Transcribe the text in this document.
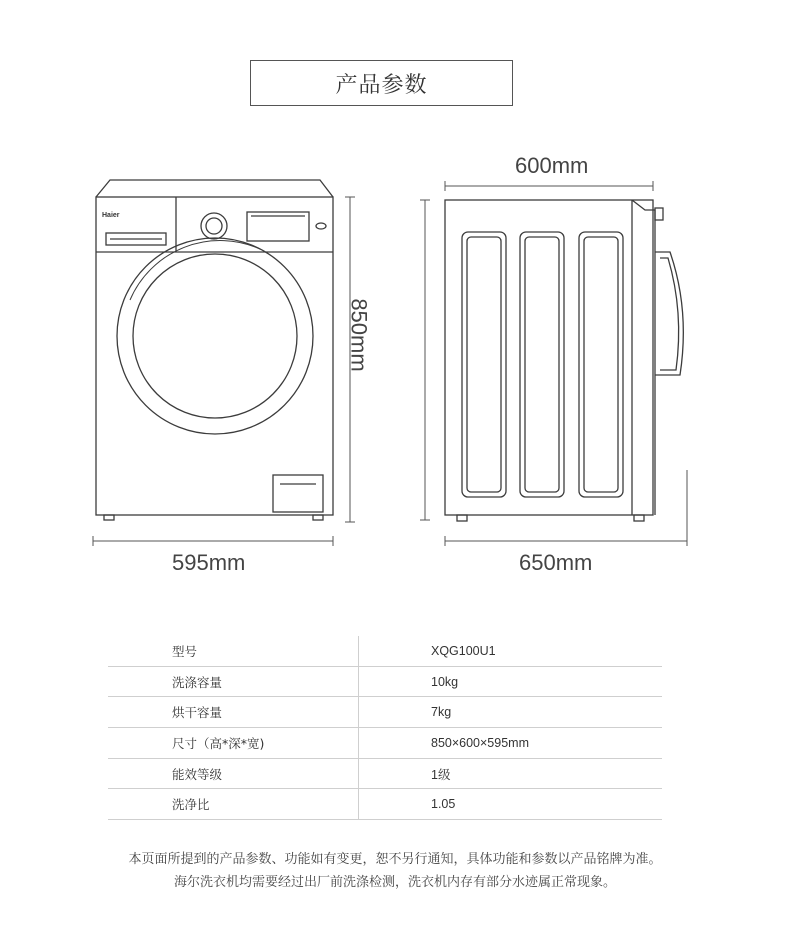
产品参数
Haier
600mm
850mm
595mm	650mm
型号	XQG100U1
洗涤容量	10kg
烘干容量	7kg
尺寸（高*深*宽)	850×600×595mm
能效等级	1级
洗净比	1.05
本页面所提到的产品参数、功能如有变更，恕不另行通知，具体功能和参数以产品铭牌为准。
海尔洗衣机均需要经过出厂前洗涤检测，洗衣机内存有部分水迹属正常现象。
